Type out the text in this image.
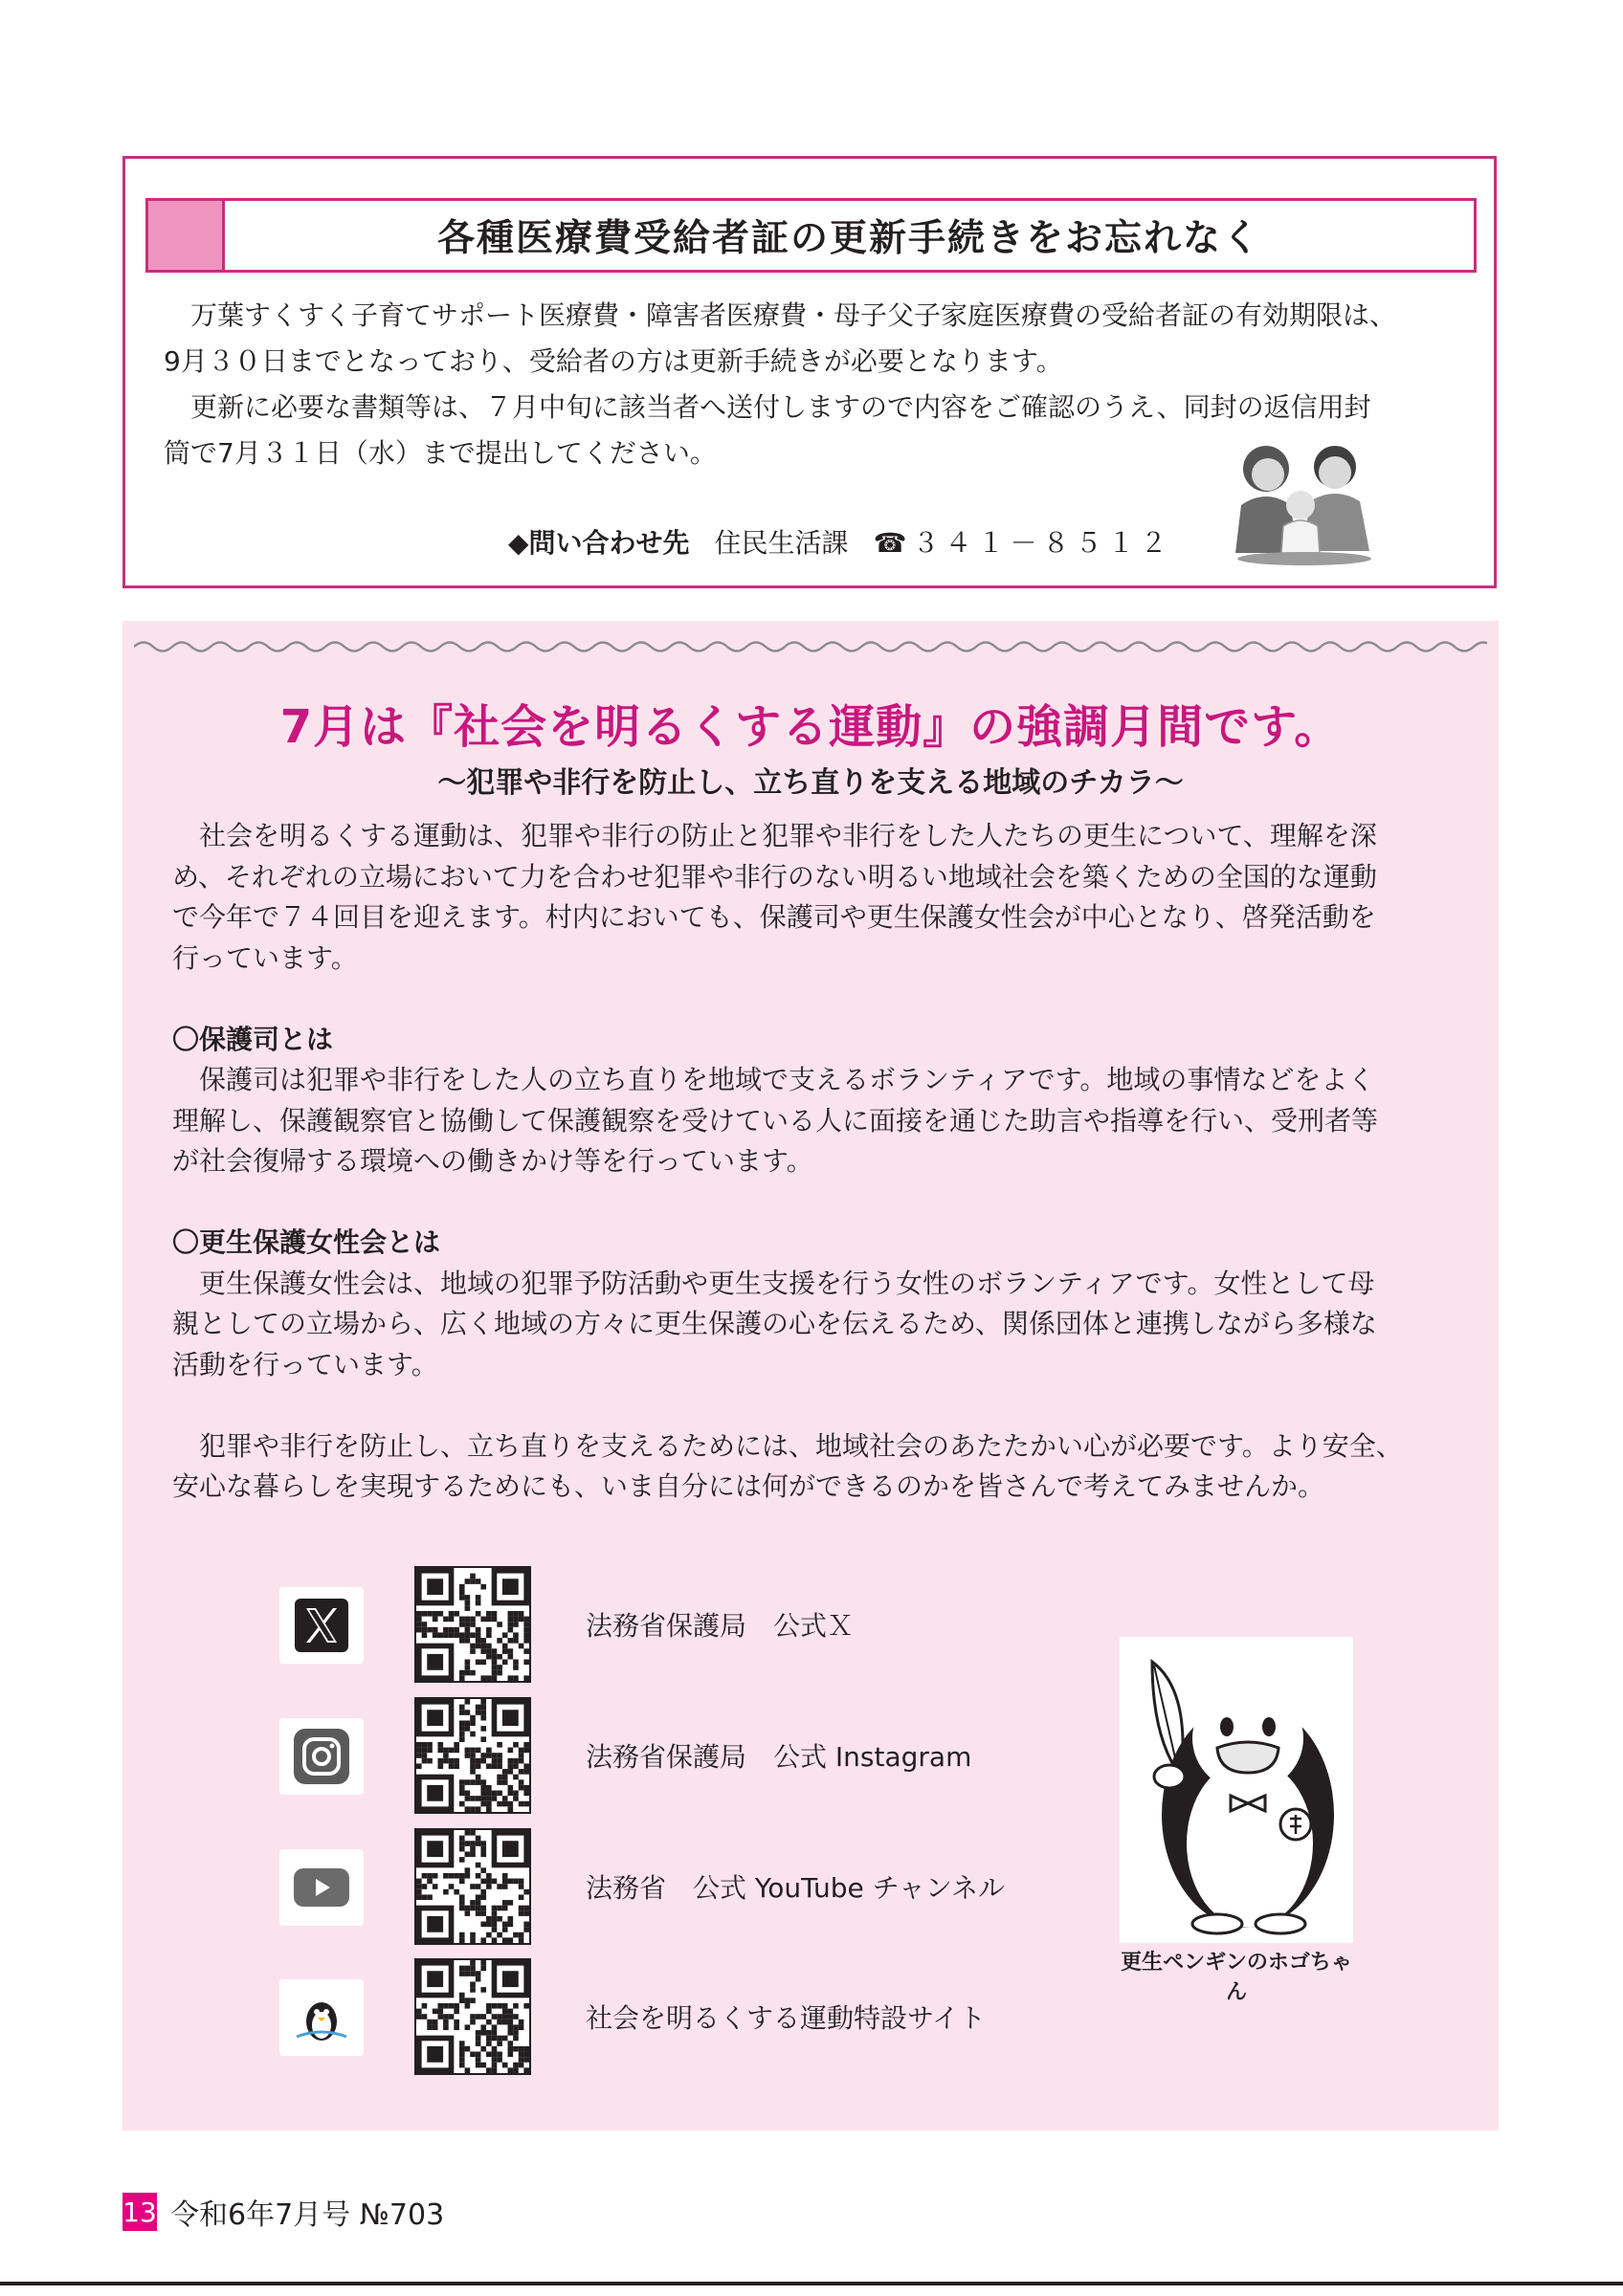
各種医療費受給者証の更新手続きをお忘れなく

万葉すくすく子育てサポート医療費・障害者医療費・母子父子家庭医療費の受給者証の有効期限は、

9月３０日までとなっており、受給者の方は更新手続きが必要となります。

更新に必要な書類等は、７月中旬に該当者へ送付しますので内容をご確認のうえ、同封の返信用封

筒で7月３１日（水）まで提出してください。

◆問い合わせ先 住民生活課 ☎３４１－８５１２
7月は『社会を明るくする運動』の強調月間です。
～犯罪や非行を防止し、立ち直りを支える地域のチカラ～

社会を明るくする運動は、犯罪や非行の防止と犯罪や非行をした人たちの更生について、理解を深

め、それぞれの立場において力を合わせ犯罪や非行のない明るい地域社会を築くための全国的な運動

で今年で７４回目を迎えます。村内においても、保護司や更生保護女性会が中心となり、啓発活動を

行っています。

〇保護司とは

保護司は犯罪や非行をした人の立ち直りを地域で支えるボランティアです。地域の事情などをよく

理解し、保護観察官と協働して保護観察を受けている人に面接を通じた助言や指導を行い、受刑者等

が社会復帰する環境への働きかけ等を行っています。

〇更生保護女性会とは

更生保護女性会は、地域の犯罪予防活動や更生支援を行う女性のボランティアです。女性として母

親としての立場から、広く地域の方々に更生保護の心を伝えるため、関係団体と連携しながら多様な

活動を行っています。

犯罪や非行を防止し、立ち直りを支えるためには、地域社会のあたたかい心が必要です。より安全、

安心な暮らしを実現するためにも、いま自分には何ができるのかを皆さんで考えてみませんか。

法務省保護局　公式Ｘ
法務省保護局　公式 Instagram
法務省　公式 YouTube チャンネル
社会を明るくする運動特設サイト
更生ペンギンのホゴちゃん
13 令和6年7月号 №703
